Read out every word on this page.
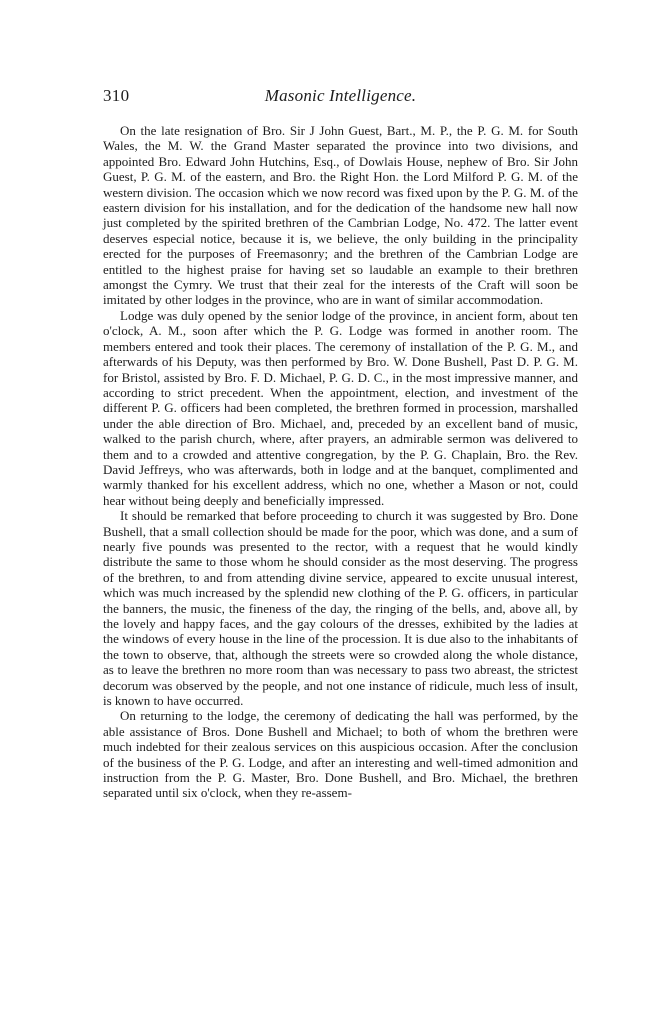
310	Masonic Intelligence.

On the late resignation of Bro. Sir J John Guest, Bart., M. P., the P. G. M. for South Wales, the M. W. the Grand Master separated the province into two divisions, and appointed Bro. Edward John Hutchins, Esq., of Dowlais House, nephew of Bro. Sir John Guest, P. G. M. of the eastern, and Bro. the Right Hon. the Lord Milford P. G. M. of the western division. The occasion which we now record was fixed upon by the P. G. M. of the eastern division for his installation, and for the dedication of the handsome new hall now just completed by the spirited brethren of the Cambrian Lodge, No. 472. The latter event deserves especial notice, because it is, we believe, the only building in the principality erected for the purposes of Freemasonry; and the brethren of the Cambrian Lodge are entitled to the highest praise for having set so laudable an example to their brethren amongst the Cymry. We trust that their zeal for the interests of the Craft will soon be imitated by other lodges in the province, who are in want of similar accommodation.

Lodge was duly opened by the senior lodge of the province, in ancient form, about ten o'clock, A. M., soon after which the P. G. Lodge was formed in another room. The members entered and took their places. The ceremony of installation of the P. G. M., and afterwards of his Deputy, was then performed by Bro. W. Done Bushell, Past D. P. G. M. for Bristol, assisted by Bro. F. D. Michael, P. G. D. C., in the most impressive manner, and according to strict precedent. When the appointment, election, and investment of the different P. G. officers had been completed, the brethren formed in procession, marshalled under the able direction of Bro. Michael, and, preceded by an excellent band of music, walked to the parish church, where, after prayers, an admirable sermon was delivered to them and to a crowded and attentive congregation, by the P. G. Chaplain, Bro. the Rev. David Jeffreys, who was afterwards, both in lodge and at the banquet, complimented and warmly thanked for his excellent address, which no one, whether a Mason or not, could hear without being deeply and beneficially impressed.

It should be remarked that before proceeding to church it was suggested by Bro. Done Bushell, that a small collection should be made for the poor, which was done, and a sum of nearly five pounds was presented to the rector, with a request that he would kindly distribute the same to those whom he should consider as the most deserving. The progress of the brethren, to and from attending divine service, appeared to excite unusual interest, which was much increased by the splendid new clothing of the P. G. officers, in particular the banners, the music, the fineness of the day, the ringing of the bells, and, above all, by the lovely and happy faces, and the gay colours of the dresses, exhibited by the ladies at the windows of every house in the line of the procession. It is due also to the inhabitants of the town to observe, that, although the streets were so crowded along the whole distance, as to leave the brethren no more room than was necessary to pass two abreast, the strictest decorum was observed by the people, and not one instance of ridicule, much less of insult, is known to have occurred.

On returning to the lodge, the ceremony of dedicating the hall was performed, by the able assistance of Bros. Done Bushell and Michael; to both of whom the brethren were much indebted for their zealous services on this auspicious occasion. After the conclusion of the business of the P. G. Lodge, and after an interesting and well-timed admonition and instruction from the P. G. Master, Bro. Done Bushell, and Bro. Michael, the brethren separated until six o'clock, when they re-assem-
